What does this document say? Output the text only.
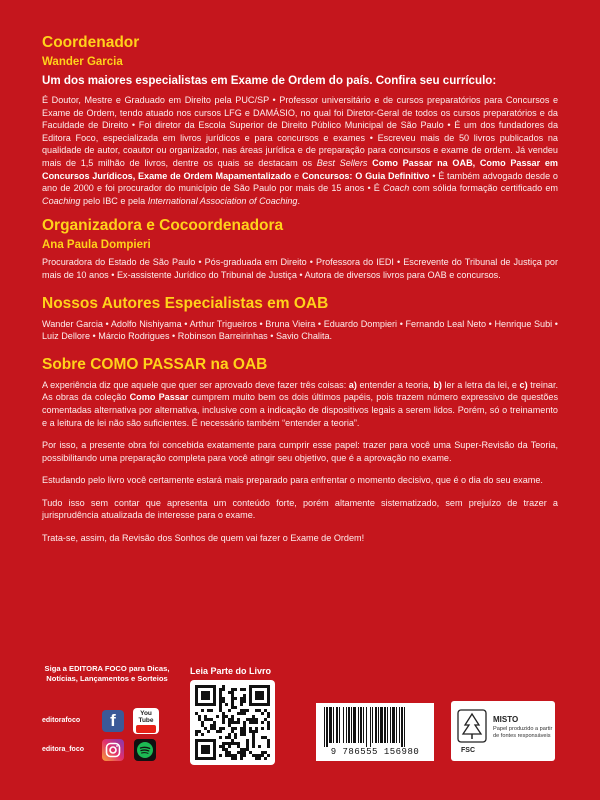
Coordenador
Wander Garcia
Um dos maiores especialistas em Exame de Ordem do país. Confira seu currículo:

É Doutor, Mestre e Graduado em Direito pela PUC/SP • Professor universitário e de cursos preparatórios para Concursos e Exame de Ordem, tendo atuado nos cursos LFG e DAMÁSIO, no qual foi Diretor-Geral de todos os cursos preparatórios e da Faculdade de Direito • Foi diretor da Escola Superior de Direito Público Municipal de São Paulo • É um dos fundadores da Editora Foco, especializada em livros jurídicos e para concursos e exames • Escreveu mais de 50 livros publicados na qualidade de autor, coautor ou organizador, nas áreas jurídica e de preparação para concursos e exame de ordem. Já vendeu mais de 1,5 milhão de livros, dentre os quais se destacam os Best Sellers Como Passar na OAB, Como Passar em Concursos Jurídicos, Exame de Ordem Mapamentalizado e Concursos: O Guia Definitivo • É também advogado desde o ano de 2000 e foi procurador do município de São Paulo por mais de 15 anos • É Coach com sólida formação certificado em Coaching pelo IBC e pela International Association of Coaching.

Organizadora e Cocoordenadora
Ana Paula Dompieri

Procuradora do Estado de São Paulo • Pós-graduada em Direito • Professora do IEDI • Escrevente do Tribunal de Justiça por mais de 10 anos • Ex-assistente Jurídico do Tribunal de Justiça • Autora de diversos livros para OAB e concursos.

Nossos Autores Especialistas em OAB

Wander Garcia • Adolfo Nishiyama • Arthur Trigueiros • Bruna Vieira • Eduardo Dompieri • Fernando Leal Neto • Henrique Subi • Luiz Dellore • Márcio Rodrigues • Robinson Barreirinhas • Savio Chalita.

Sobre COMO PASSAR na OAB

A experiência diz que aquele que quer ser aprovado deve fazer três coisas: a) entender a teoria, b) ler a letra da lei, e c) treinar. As obras da coleção Como Passar cumprem muito bem os dois últimos papéis, pois trazem número expressivo de questões comentadas alternativa por alternativa, inclusive com a indicação de dispositivos legais a serem lidos. Porém, só o treinamento e a leitura de lei não são suficientes. É necessário também “entender a teoria”.

Por isso, a presente obra foi concebida exatamente para cumprir esse papel: trazer para você uma Super-Revisão da Teoria, possibilitando uma preparação completa para você atingir seu objetivo, que é a aprovação no exame.

Estudando pelo livro você certamente estará mais preparado para enfrentar o momento decisivo, que é o dia do seu exame.

Tudo isso sem contar que apresenta um conteúdo forte, porém altamente sistematizado, sem prejuízo de trazer a jurisprudência atualizada de interesse para o exame.

Trata-se, assim, da Revisão dos Sonhos de quem vai fazer o Exame de Ordem!

Siga a EDITORA FOCO para Dicas, Notícias, Lançamentos e Sorteios
editorafoco	f	You Tube
editora_foco
Leia Parte do Livro
9 786555 156980	FSC
MISTO
Papel produzido a partir
de fontes responsáveis
